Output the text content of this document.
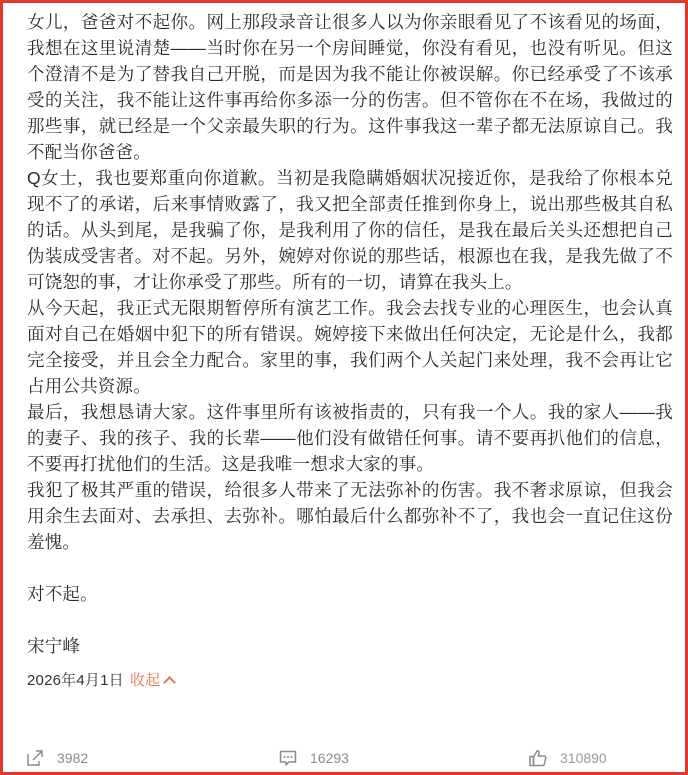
女儿，爸爸对不起你。网上那段录音让很多人以为你亲眼看见了不该看见的场面，我想在这里说清楚——当时你在另一个房间睡觉，你没有看见，也没有听见。但这个澄清不是为了替我自己开脱，而是因为我不能让你被误解。你已经承受了不该承受的关注，我不能让这件事再给你多添一分的伤害。但不管你在不在场，我做过的那些事，就已经是一个父亲最失职的行为。这件事我这一辈子都无法原谅自己。我不配当你爸爸。

Q女士，我也要郑重向你道歉。当初是我隐瞒婚姻状况接近你，是我给了你根本兑现不了的承诺，后来事情败露了，我又把全部责任推到你身上，说出那些极其自私的话。从头到尾，是我骗了你，是我利用了你的信任，是我在最后关头还想把自己伪装成受害者。对不起。另外，婉婷对你说的那些话，根源也在我，是我先做了不可饶恕的事，才让你承受了那些。所有的一切，请算在我头上。

从今天起，我正式无限期暂停所有演艺工作。我会去找专业的心理医生，也会认真面对自己在婚姻中犯下的所有错误。婉婷接下来做出任何决定，无论是什么，我都完全接受，并且会全力配合。家里的事，我们两个人关起门来处理，我不会再让它占用公共资源。

最后，我想恳请大家。这件事里所有该被指责的，只有我一个人。我的家人——我的妻子、我的孩子、我的长辈——他们没有做错任何事。请不要再扒他们的信息，不要再打扰他们的生活。这是我唯一想求大家的事。

我犯了极其严重的错误，给很多人带来了无法弥补的伤害。我不奢求原谅，但我会用余生去面对、去承担、去弥补。哪怕最后什么都弥补不了，我也会一直记住这份羞愧。

对不起。

宋宁峰

2026年4月1日 收起
3982	16293	310890
